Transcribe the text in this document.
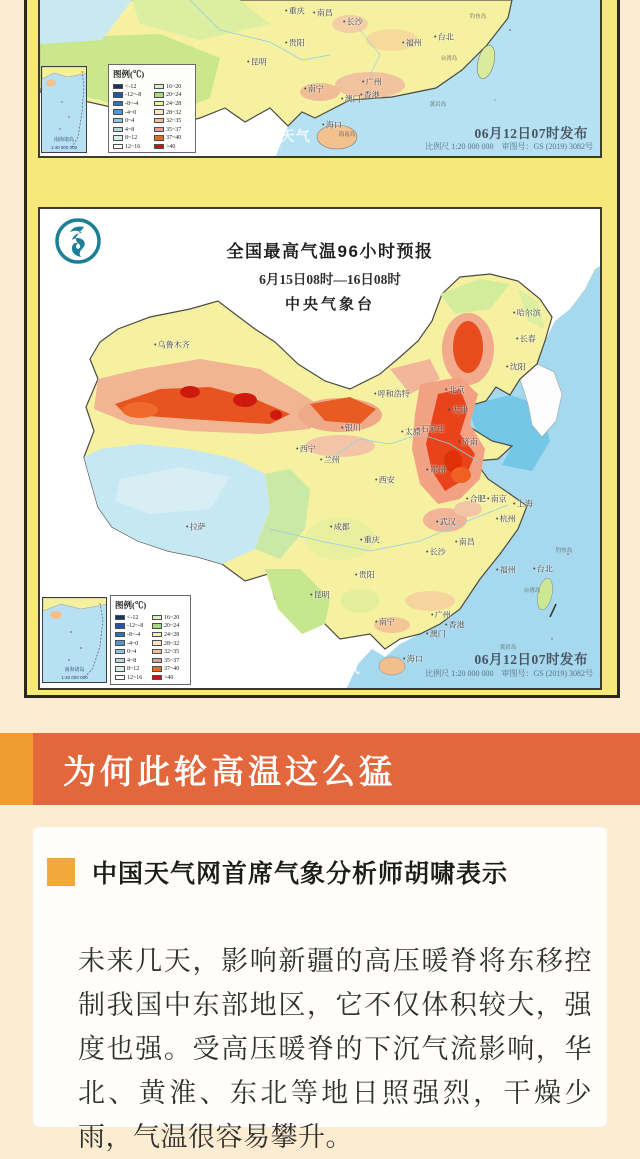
南海诸岛
1:40 000 000
图例(℃)
<-12
-12~-8
-8~-4
-4~0
0~4
4~8
8~12
12~16
16~20
20~24
24~28
28~32
32~35
35~37
37~40
>40
@中国天气	06月12日07时发布
比例尺 1:20 000 000　审图号：GS (2019) 3082号
重庆	南昌
长沙
贵阳
昆明
福州
台北
广州
香港
澳门
南宁
海口
台湾岛
钓鱼岛
黄岩岛
海南岛
全国最高气温96小时预报
6月15日08时—16日08时
中央气象台
南海诸岛
1:40 000 000
图例(℃)
<-12
-12~-8
-8~-4
-4~0
0~4
4~8
8~12
12~16
16~20
20~24
24~28
28~32
32~35
35~37
37~40
>40
@中国天气
06月12日07时发布
比例尺 1:20 000 000　审图号：GS (2019) 3082号
哈尔滨
长春
沈阳
乌鲁木齐
呼和浩特	北京
天津
石家庄
太原
济南
银川
西宁
兰州
郑州
西安
成都
重庆
武汉
合肥 南京
上海
杭州
南昌
长沙
贵阳
昆明
拉萨
福州	台北
广州
香港
澳门
南宁
海口
台湾岛
钓鱼岛
黄岩岛
为何此轮高温这么猛
中国天气网首席气象分析师胡啸表示

未来几天，影响新疆的高压暖脊将东移控制我国中东部地区，它不仅体积较大，强度也强。受高压暖脊的下沉气流影响，华北、黄淮、东北等地日照强烈，干燥少雨，气温很容易攀升。
